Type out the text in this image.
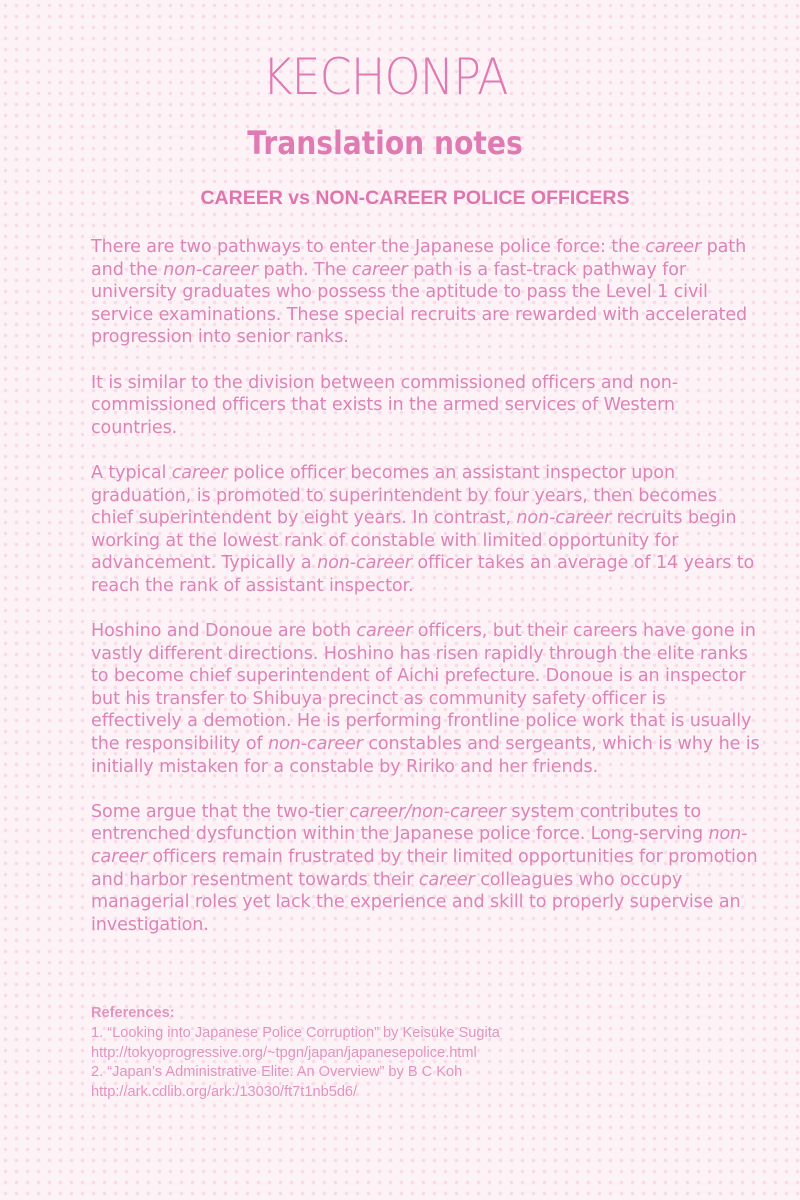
KECHONPA
Translation notes
CAREER vs NON-CAREER POLICE OFFICERS

There are two pathways to enter the Japanese police force: the career path and the non-career path. The career path is a fast-track pathway for university graduates who possess the aptitude to pass the Level 1 civil service examinations. These special recruits are rewarded with accelerated progression into senior ranks.

It is similar to the division between commissioned officers and non-commissioned officers that exists in the armed services of Western countries.

A typical career police officer becomes an assistant inspector upon graduation, is promoted to superintendent by four years, then becomes chief superintendent by eight years. In contrast, non-career recruits begin working at the lowest rank of constable with limited opportunity for advancement. Typically a non-career officer takes an average of 14 years to reach the rank of assistant inspector.

Hoshino and Donoue are both career officers, but their careers have gone in vastly different directions. Hoshino has risen rapidly through the elite ranks to become chief superintendent of Aichi prefecture. Donoue is an inspector but his transfer to Shibuya precinct as community safety officer is effectively a demotion. He is performing frontline police work that is usually the responsibility of non-career constables and sergeants, which is why he is initially mistaken for a constable by Ririko and her friends.

Some argue that the two-tier career/non-career system contributes to entrenched dysfunction within the Japanese police force. Long-serving non-career officers remain frustrated by their limited opportunities for promotion and harbor resentment towards their career colleagues who occupy managerial roles yet lack the experience and skill to properly supervise an investigation.

References:
1. “Looking into Japanese Police Corruption” by Keisuke Sugita
http://tokyoprogressive.org/~tpgn/japan/japanesepolice.html
2. “Japan’s Administrative Elite: An Overview” by B C Koh
http://ark.cdlib.org/ark:/13030/ft7t1nb5d6/
